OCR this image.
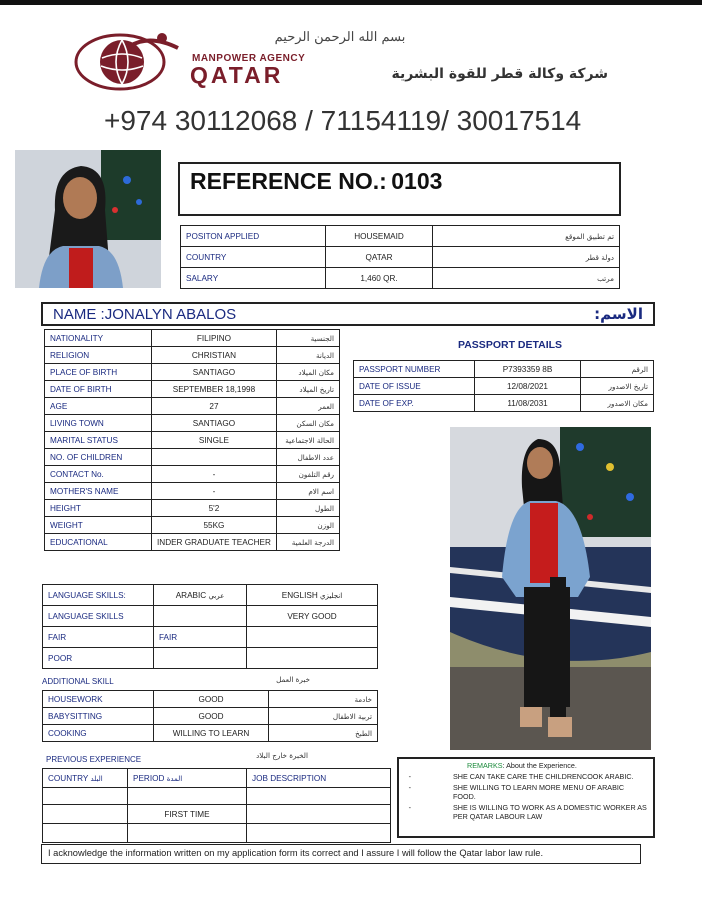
بسم الله الرحمن الرحيم
MANPOWER AGENCY
QATAR	شركة وكالة قطر للقوة البشرية
+974 30112068 / 71154119/ 30017514
REFERENCE NO.: 0103
POSITON APPLIED	HOUSEMAID	تم تطبيق الموقع
COUNTRY	QATAR	دولة قطر
SALARY	1,460 QR.	مرتب
NAME :JONALYN ABALOS	:الاسم
NATIONALITY	FILIPINO	الجنسية
RELIGION	CHRISTIAN	الديانة
PLACE OF BIRTH	SANTIAGO	مكان الميلاد
DATE OF BIRTH	SEPTEMBER 18,1998	تاريخ الميلاد
AGE	27	العمر
LIVING TOWN	SANTIAGO	مكان السكن
MARITAL STATUS	SINGLE	الحالة الاجتماعية
NO. OF CHILDREN		عدد الاطفال
CONTACT No.	-	رقم التلفون
MOTHER'S NAME	-	اسم الام
HEIGHT	5'2	الطول
WEIGHT	55KG	الوزن
EDUCATIONAL	INDER GRADUATE TEACHER	الدرجة العلمية
PASSPORT DETAILS
PASSPORT NUMBER	P7393359 8B	الرقم
DATE OF ISSUE	12/08/2021	تاريخ الاصدور
DATE OF EXP.	11/08/2031	مكان الاصدور
LANGUAGE SKILLS:	ARABIC عربي	ENGLISH انجليزي
LANGUAGE SKILLS		VERY GOOD
FAIR	FAIR	
POOR		
ADDITIONAL SKILL	خبرة العمل
HOUSEWORK	GOOD	خادمة
BABYSITTING	GOOD	تربية الاطفال
COOKING	WILLING TO LEARN	الطبخ
PREVIOUS EXPERIENCE	الخبرة خارج البلاد
COUNTRY البلد	PERIOD المدة	JOB DESCRIPTION

	FIRST TIME	

REMARKS: About the Experience.
- SHE CAN TAKE CARE THE CHILDRENCOOK ARABIC.
- SHE WILLING TO LEARN MORE MENU OF ARABIC FOOD.
- SHE IS WILLING TO WORK AS A DOMESTIC WORKER AS PER QATAR LABOUR LAW
I acknowledge the information written on my application form its correct and I assure I will follow the Qatar labor law rule.
